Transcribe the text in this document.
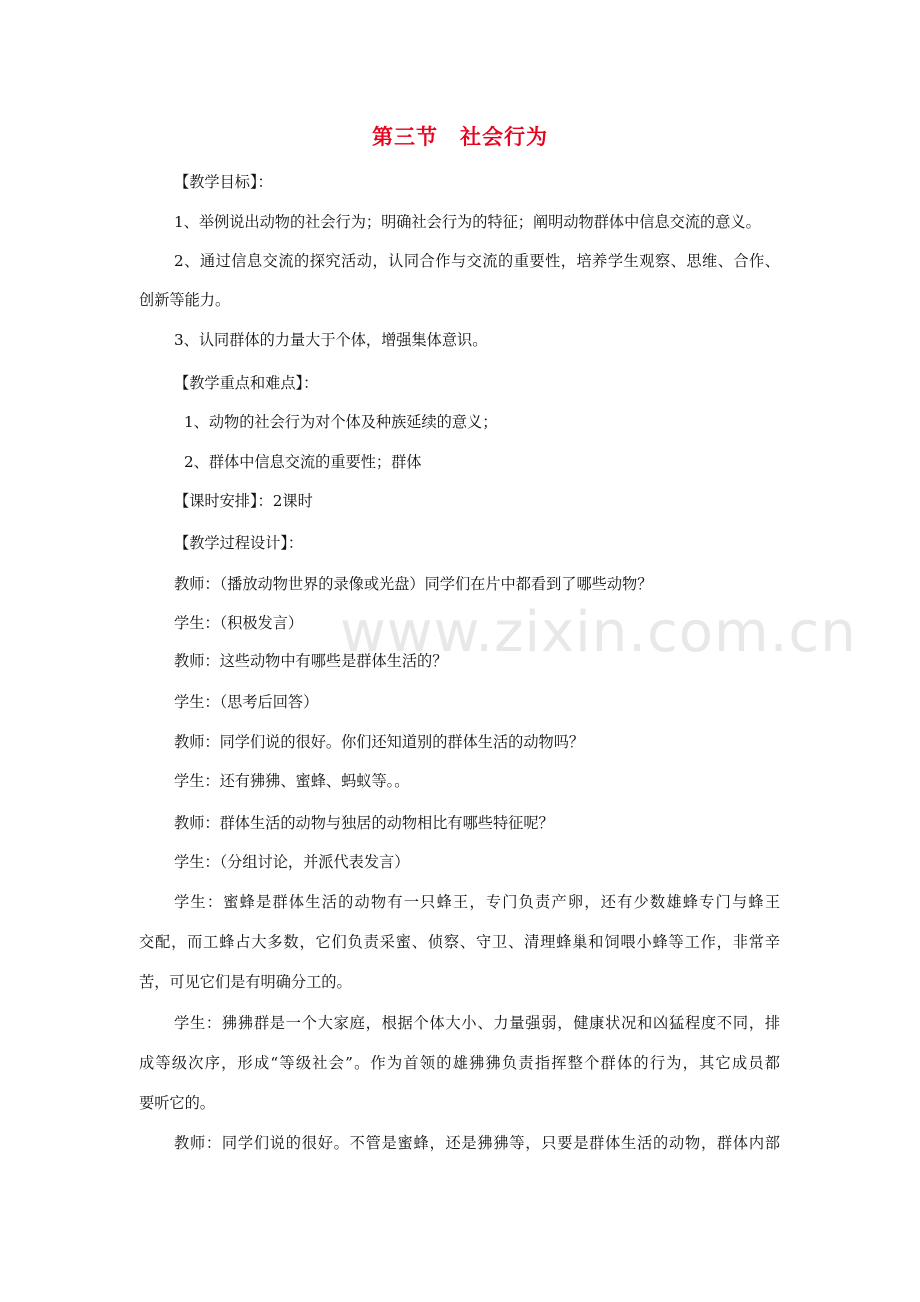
www.zixin.com.cn
第三节　社会行为
【教学目标】：
1、举例说出动物的社会行为；明确社会行为的特征；阐明动物群体中信息交流的意义。
2、通过信息交流的探究活动，认同合作与交流的重要性，培养学生观察、思维、合作、
创新等能力。
3、认同群体的力量大于个体，增强集体意识。
【教学重点和难点】：
1、动物的社会行为对个体及种族延续的意义；
2、群体中信息交流的重要性；群体
【课时安排】：2课时
【教学过程设计】：
教师：（播放动物世界的录像或光盘）同学们在片中都看到了哪些动物？
学生：（积极发言）
教师：这些动物中有哪些是群体生活的？
学生：（思考后回答）
教师：同学们说的很好。你们还知道别的群体生活的动物吗？
学生：还有狒狒、蜜蜂、蚂蚁等。。
教师：群体生活的动物与独居的动物相比有哪些特征呢？
学生：（分组讨论，并派代表发言）
学生：蜜蜂是群体生活的动物有一只蜂王，专门负责产卵，还有少数雄蜂专门与蜂王
交配，而工蜂占大多数，它们负责采蜜、侦察、守卫、清理蜂巢和饲喂小蜂等工作，非常辛
苦，可见它们是有明确分工的。
学生：狒狒群是一个大家庭，根据个体大小、力量强弱，健康状况和凶猛程度不同，排
成等级次序，形成“等级社会”。作为首领的雄狒狒负责指挥整个群体的行为，其它成员都
要听它的。
教师：同学们说的很好。不管是蜜蜂，还是狒狒等，只要是群体生活的动物，群体内部
